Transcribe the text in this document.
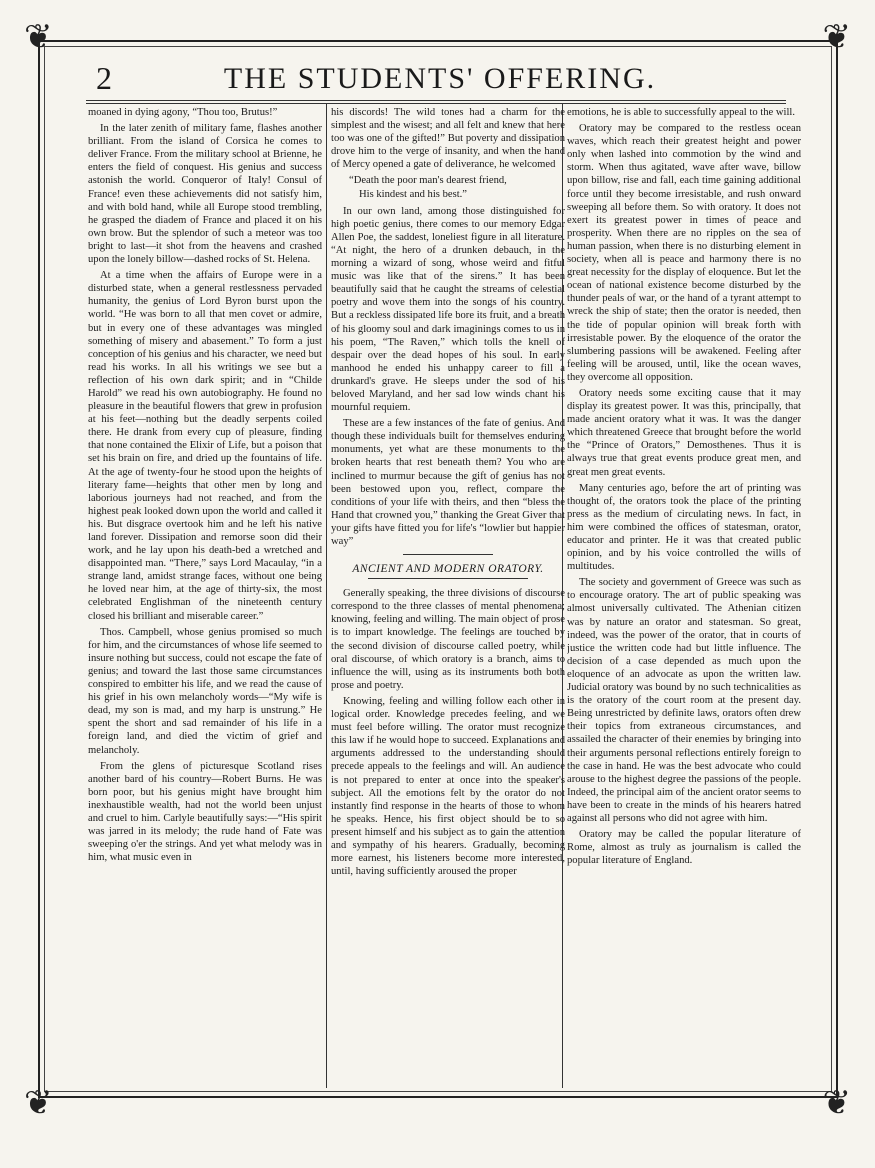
❦	❦
❦	❦
2	THE STUDENTS' OFFERING.

moaned in dying agony, “Thou too, Brutus!”

In the later zenith of military fame, flashes another brilliant. From the island of Corsica he comes to deliver France. From the military school at Brienne, he enters the field of conquest. His genius and success astonish the world. Conqueror of Italy! Consul of France! even these achievements did not satisfy him, and with bold hand, while all Europe stood trembling, he grasped the diadem of France and placed it on his own brow. But the splendor of such a meteor was too bright to last—it shot from the heavens and crashed upon the lonely billow—dashed rocks of St. Helena.

At a time when the affairs of Europe were in a disturbed state, when a general restlessness pervaded humanity, the genius of Lord Byron burst upon the world. “He was born to all that men covet or admire, but in every one of these advantages was mingled something of misery and abasement.” To form a just conception of his genius and his character, we need but read his works. In all his writings we see but a reflection of his own dark spirit; and in “Childe Harold” we read his own autobiography. He found no pleasure in the beautiful flowers that grew in profusion at his feet—nothing but the deadly serpents coiled there. He drank from every cup of pleasure, finding that none contained the Elixir of Life, but a poison that set his brain on fire, and dried up the fountains of life. At the age of twenty-four he stood upon the heights of literary fame—heights that other men by long and laborious journeys had not reached, and from the highest peak looked down upon the world and called it his. But disgrace overtook him and he left his native land forever. Dissipation and remorse soon did their work, and he lay upon his death-bed a wretched and disappointed man. “There,” says Lord Macaulay, “in a strange land, amidst strange faces, without one being he loved near him, at the age of thirty-six, the most celebrated Englishman of the nineteenth century closed his brilliant and miserable career.”

Thos. Campbell, whose genius promised so much for him, and the circumstances of whose life seemed to insure nothing but success, could not escape the fate of genius; and toward the last those same circumstances conspired to embitter his life, and we read the cause of his grief in his own melancholy words—“My wife is dead, my son is mad, and my harp is unstrung.” He spent the short and sad remainder of his life in a foreign land, and died the victim of grief and melancholy.

From the glens of picturesque Scotland rises another bard of his country—Robert Burns. He was born poor, but his genius might have brought him inexhaustible wealth, had not the world been unjust and cruel to him. Carlyle beautifully says:—“His spirit was jarred in its melody; the rude hand of Fate was sweeping o'er the strings. And yet what melody was in him, what music even in

his discords! The wild tones had a charm for the simplest and the wisest; and all felt and knew that here too was one of the gifted!” But poverty and dissipation drove him to the verge of insanity, and when the hand of Mercy opened a gate of deliverance, he welcomed

“Death the poor man's dearest friend,
His kindest and his best.”

In our own land, among those distinguished for high poetic genius, there comes to our memory Edgar Allen Poe, the saddest, loneliest figure in all literature. “At night, the hero of a drunken debauch, in the morning a wizard of song, whose weird and fitful music was like that of the sirens.” It has been beautifully said that he caught the streams of celestial poetry and wove them into the songs of his country. But a reckless dissipated life bore its fruit, and a breath of his gloomy soul and dark imaginings comes to us in his poem, “The Raven,” which tolls the knell of despair over the dead hopes of his soul. In early manhood he ended his unhappy career to fill a drunkard's grave. He sleeps under the sod of his beloved Maryland, and her sad low winds chant his mournful requiem.

These are a few instances of the fate of genius. And though these individuals built for themselves enduring monuments, yet what are these monuments to the broken hearts that rest beneath them? You who are inclined to murmur because the gift of genius has not been bestowed upon you, reflect, compare the conditions of your life with theirs, and then “bless the Hand that crowned you,” thanking the Great Giver that your gifts have fitted you for life's “lowlier but happier way”

ANCIENT AND MODERN ORATORY.

Generally speaking, the three divisions of discourse correspond to the three classes of mental phenomena; knowing, feeling and willing. The main object of prose is to impart knowledge. The feelings are touched by the second division of discourse called poetry, while oral discourse, of which oratory is a branch, aims to influence the will, using as its instruments both both prose and poetry.

Knowing, feeling and willing follow each other in logical order. Knowledge precedes feeling, and we must feel before willing. The orator must recognize this law if he would hope to succeed. Explanations and arguments addressed to the understanding should precede appeals to the feelings and will. An audience is not prepared to enter at once into the speaker's subject. All the emotions felt by the orator do not instantly find response in the hearts of those to whom he speaks. Hence, his first object should be to so present himself and his subject as to gain the attention and sympathy of his hearers. Gradually, becoming more earnest, his listeners become more interested, until, having sufficiently aroused the proper

emotions, he is able to successfully appeal to the will.

Oratory may be compared to the restless ocean waves, which reach their greatest height and power only when lashed into commotion by the wind and storm. When thus agitated, wave after wave, billow upon billow, rise and fall, each time gaining additional force until they become irresistable, and rush onward sweeping all before them. So with oratory. It does not exert its greatest power in times of peace and prosperity. When there are no ripples on the sea of human passion, when there is no disturbing element in society, when all is peace and harmony there is no great necessity for the display of eloquence. But let the ocean of national existence become disturbed by the thunder peals of war, or the hand of a tyrant attempt to wreck the ship of state; then the orator is needed, then the tide of popular opinion will break forth with irresistable power. By the eloquence of the orator the slumbering passions will be awakened. Feeling after feeling will be aroused, until, like the ocean waves, they overcome all opposition.

Oratory needs some exciting cause that it may display its greatest power. It was this, principally, that made ancient oratory what it was. It was the danger which threatened Greece that brought before the world the “Prince of Orators,” Demosthenes. Thus it is always true that great events produce great men, and great men great events.

Many centuries ago, before the art of printing was thought of, the orators took the place of the printing press as the medium of circulating news. In fact, in him were combined the offices of statesman, orator, educator and printer. He it was that created public opinion, and by his voice controlled the wills of multitudes.

The society and government of Greece was such as to encourage oratory. The art of public speaking was almost universally cultivated. The Athenian citizen was by nature an orator and statesman. So great, indeed, was the power of the orator, that in courts of justice the written code had but little influence. The decision of a case depended as much upon the eloquence of an advocate as upon the written law. Judicial oratory was bound by no such technicalities as is the oratory of the court room at the present day. Being unrestricted by definite laws, orators often drew their topics from extraneous circumstances, and assailed the character of their enemies by bringing into their arguments personal reflections entirely foreign to the case in hand. He was the best advocate who could arouse to the highest degree the passions of the people. Indeed, the principal aim of the ancient orator seems to have been to create in the minds of his hearers hatred against all persons who did not agree with him.

Oratory may be called the popular literature of Rome, almost as truly as journalism is called the popular literature of England.
